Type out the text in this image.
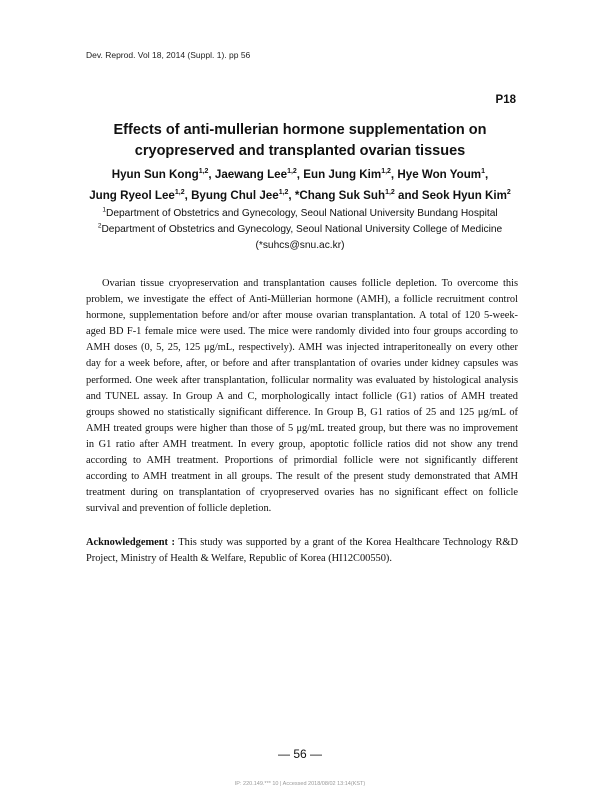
Dev. Reprod. Vol 18, 2014 (Suppl. 1). pp 56
P18
Effects of anti-mullerian hormone supplementation on
cryopreserved and transplanted ovarian tissues
Hyun Sun Kong$^{1,2}$, Jaewang Lee$^{1,2}$, Eun Jung Kim$^{1,2}$, Hye Won Youm$^1$,
Jung Ryeol Lee$^{1,2}$, Byung Chul Jee$^{1,2}$, *Chang Suk Suh$^{1,2}$ and Seok Hyun Kim$^2$
$^1$Department of Obstetrics and Gynecology, Seoul National University Bundang Hospital
$^2$Department of Obstetrics and Gynecology, Seoul National University College of Medicine
(*suhcs@snu.ac.kr)

Ovarian tissue cryopreservation and transplantation causes follicle depletion. To overcome this problem, we investigate the effect of Anti-Müllerian hormone (AMH), a follicle recruitment control hormone, supplementation before and/or after mouse ovarian transplantation. A total of 120 5-week-aged BD F-1 female mice were used. The mice were randomly divided into four groups according to AMH doses (0, 5, 25, 125 μg/mL, respectively). AMH was injected intraperitoneally on every other day for a week before, after, or before and after transplantation of ovaries under kidney capsules was performed. One week after transplantation, follicular normality was evaluated by histological analysis and TUNEL assay. In Group A and C, morphologically intact follicle (G1) ratios of AMH treated groups showed no statistically significant difference. In Group B, G1 ratios of 25 and 125 μg/mL of AMH treated groups were higher than those of 5 μg/mL treated group, but there was no improvement in G1 ratio after AMH treatment. In every group, apoptotic follicle ratios did not show any trend according to AMH treatment. Proportions of primordial follicle were not significantly different according to AMH treatment in all groups. The result of the present study demonstrated that AMH treatment during on transplantation of cryopreserved ovaries has no significant effect on follicle survival and prevention of follicle depletion.

Acknowledgement : This study was supported by a grant of the Korea Healthcare Technology R&D Project, Ministry of Health & Welfare, Republic of Korea (HI12C00550).

— 56 —
IP: 220.149.*** 10 | Accessed 2018/08/02 13:14(KST)
